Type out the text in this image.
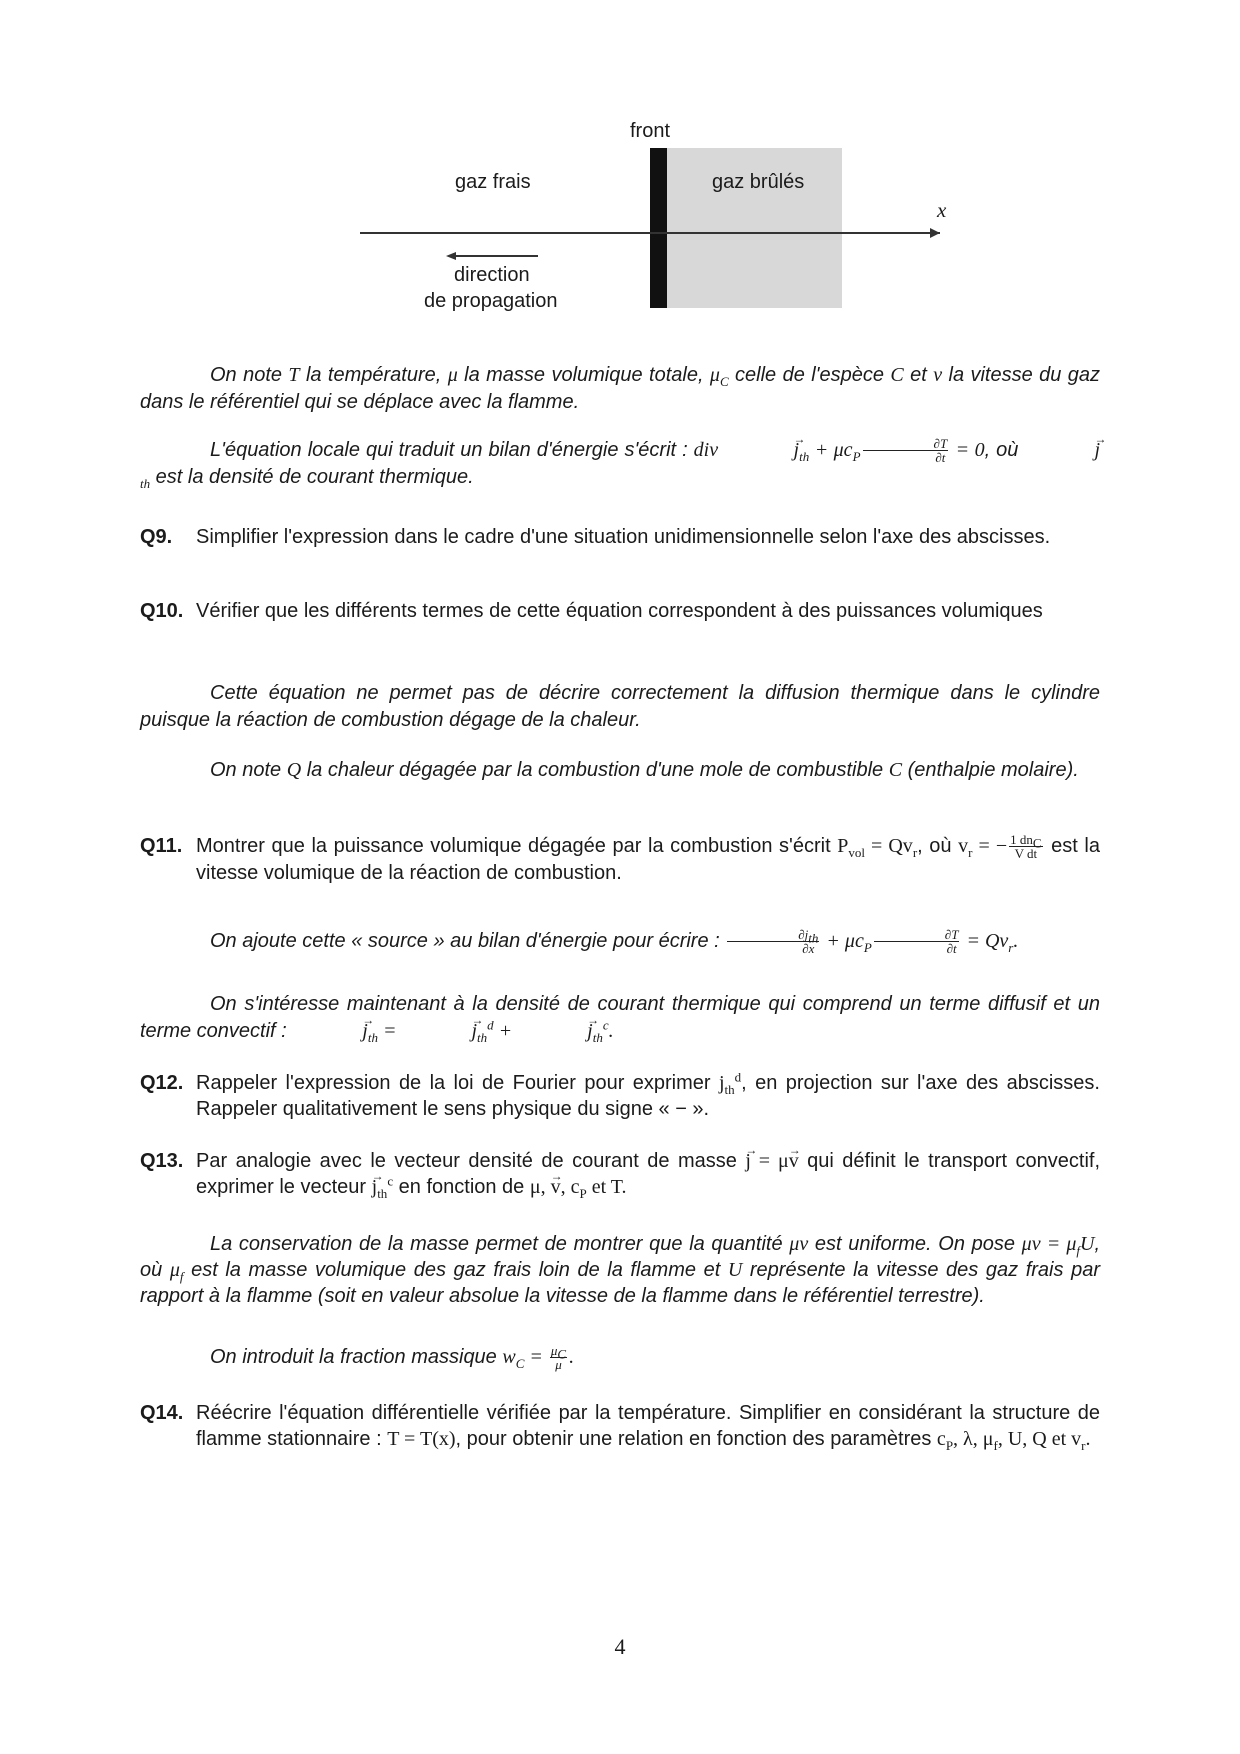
front
gaz frais	gaz brûlés
x
direction
de propagation
On note T la température, μ la masse volumique totale, $\mu_C$ celle de l'espèce C et v la vitesse du gaz dans le référentiel qui se déplace avec la flamme.
L'équation locale qui traduit un bilan d'énergie s'écrit : div	→ $j_{th} + \mu c_P \frac{\partial T}{\partial t} = 0$, où	→ $j_{th}$ est la densité de courant thermique.
Q9. Simplifier l'expression dans le cadre d'une situation unidimensionnelle selon l'axe des abscisses.
Q10. Vérifier que les différents termes de cette équation correspondent à des puissances volumiques
Cette équation ne permet pas de décrire correctement la diffusion thermique dans le cylindre puisque la réaction de combustion dégage de la chaleur.
On note Q la chaleur dégagée par la combustion d'une mole de combustible C (enthalpie molaire).
Q11. Montrer que la puissance volumique dégagée par la combustion s'écrit $P_{vol} = Qv_r$, où $v_r$ = − $\frac{1 dn_C}{\text{V dt}}$ est la vitesse volumique de la réaction de combustion.
On ajoute cette « source » au bilan d'énergie pour écrire : $\frac{\partial j_{th}}{\partial x} + \mu c_P \frac{\partial T}{\partial t} = Qv_r$.
On s'intéresse maintenant à la densité de courant thermique qui comprend un terme diffusif et un terme convectif :	→ $j_{th}$ =	→ $j_{th}^d$ +	→ $j_{th}^c$.
Q12. Rappeler l'expression de la loi de Fourier pour exprimer $j_{th}^d$, en projection sur l'axe des abscisses. Rappeler qualitativement le sens physique du signe « − ».
Q13. Par analogie avec le vecteur densité de courant de masse → j = μ→ v qui définit le transport convectif, exprimer le vecteur → $j_{th}^c$ en fonction de μ, → v, $c_P$ et T.
La conservation de la masse permet de montrer que la quantité μv est uniforme. On pose $\mu v = \mu_fU$, où $\mu_f$ est la masse volumique des gaz frais loin de la flamme et U représente la vitesse des gaz frais par rapport à la flamme (soit en valeur absolue la vitesse de la flamme dans le référentiel terrestre).
On introduit la fraction massique $w_C = \frac{\mu_C}{\mu}$ .
Q14. Réécrire l'équation différentielle vérifiée par la température. Simplifier en considérant la structure de flamme stationnaire : T = T(x), pour obtenir une relation en fonction des paramètres $c_P$, λ, $\mu_f$, U, Q et $v_r$.
4
